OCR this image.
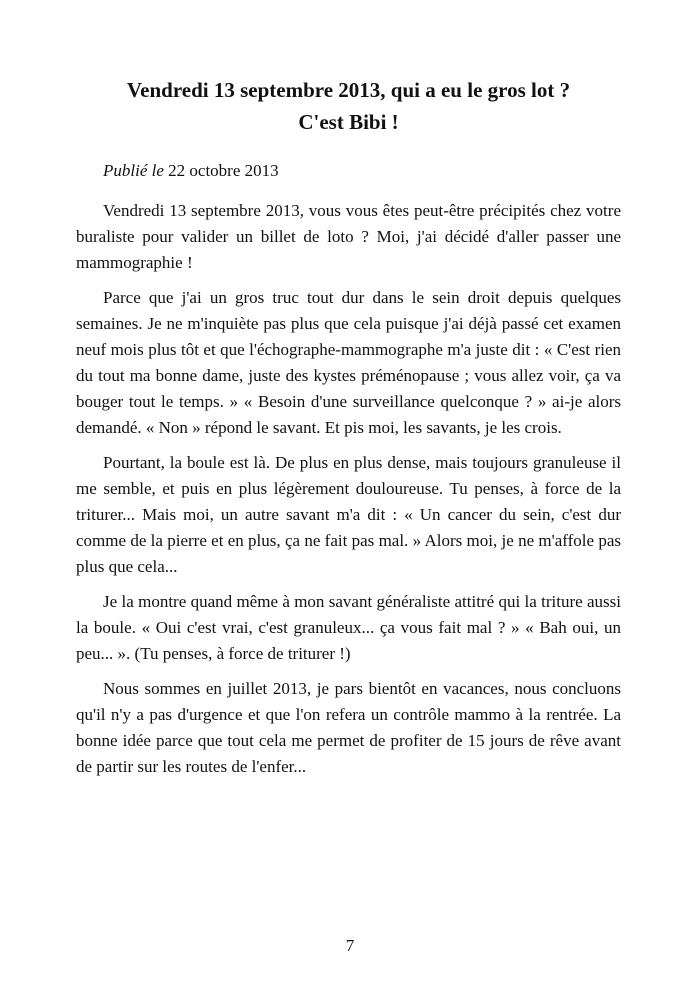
Vendredi 13 septembre 2013, qui a eu le gros lot ?
C'est Bibi !

Publié le 22 octobre 2013

Vendredi 13 septembre 2013, vous vous êtes peut-être précipités chez votre buraliste pour valider un billet de loto ? Moi, j'ai décidé d'aller passer une mammographie !

Parce que j'ai un gros truc tout dur dans le sein droit depuis quelques semaines. Je ne m'inquiète pas plus que cela puisque j'ai déjà passé cet examen neuf mois plus tôt et que l'échographe-mammographe m'a juste dit : « C'est rien du tout ma bonne dame, juste des kystes préménopause ; vous allez voir, ça va bouger tout le temps. » « Besoin d'une surveillance quelconque ? » ai-je alors demandé. « Non » répond le savant. Et pis moi, les savants, je les crois.

Pourtant, la boule est là. De plus en plus dense, mais toujours granuleuse il me semble, et puis en plus légèrement douloureuse. Tu penses, à force de la triturer... Mais moi, un autre savant m'a dit : « Un cancer du sein, c'est dur comme de la pierre et en plus, ça ne fait pas mal. » Alors moi, je ne m'affole pas plus que cela...

Je la montre quand même à mon savant généraliste attitré qui la triture aussi la boule. « Oui c'est vrai, c'est granuleux... ça vous fait mal ? » « Bah oui, un peu... ». (Tu penses, à force de triturer !)

Nous sommes en juillet 2013, je pars bientôt en vacances, nous concluons qu'il n'y a pas d'urgence et que l'on refera un contrôle mammo à la rentrée. La bonne idée parce que tout cela me permet de profiter de 15 jours de rêve avant de partir sur les routes de l'enfer...

7
